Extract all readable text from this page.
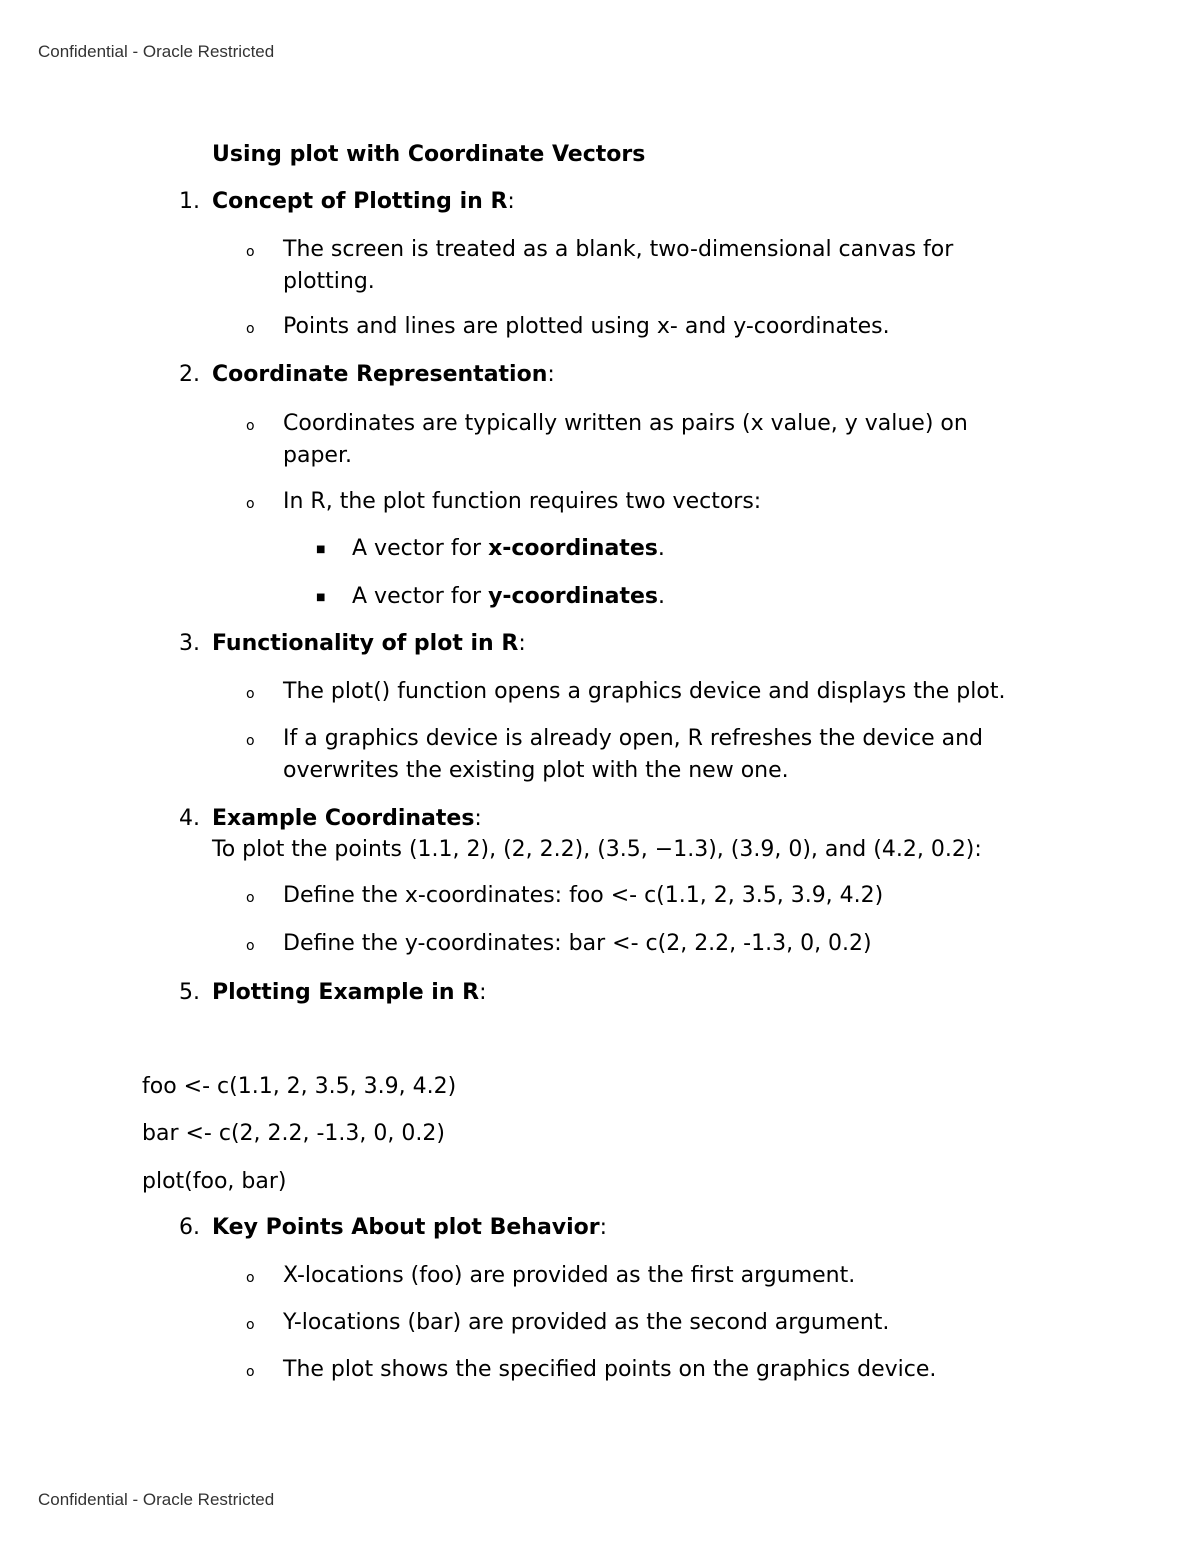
Confidential - Oracle Restricted
Using plot with Coordinate Vectors
1. Concept of Plotting in R:
o The screen is treated as a blank, two-dimensional canvas for
plotting.
o Points and lines are plotted using x- and y-coordinates.
2. Coordinate Representation:
o Coordinates are typically written as pairs (x value, y value) on
paper.
o In R, the plot function requires two vectors:
■ A vector for x-coordinates.
■ A vector for y-coordinates.
3. Functionality of plot in R:
o The plot() function opens a graphics device and displays the plot.
o If a graphics device is already open, R refreshes the device and
overwrites the existing plot with the new one.
4. Example Coordinates:
To plot the points (1.1, 2), (2, 2.2), (3.5, −1.3), (3.9, 0), and (4.2, 0.2):
o Define the x-coordinates: foo <- c(1.1, 2, 3.5, 3.9, 4.2)
o Define the y-coordinates: bar <- c(2, 2.2, -1.3, 0, 0.2)
5. Plotting Example in R:
foo <- c(1.1, 2, 3.5, 3.9, 4.2)
bar <- c(2, 2.2, -1.3, 0, 0.2)
plot(foo, bar)
6. Key Points About plot Behavior:
o X-locations (foo) are provided as the first argument.
o Y-locations (bar) are provided as the second argument.
o The plot shows the specified points on the graphics device.
Confidential - Oracle Restricted
